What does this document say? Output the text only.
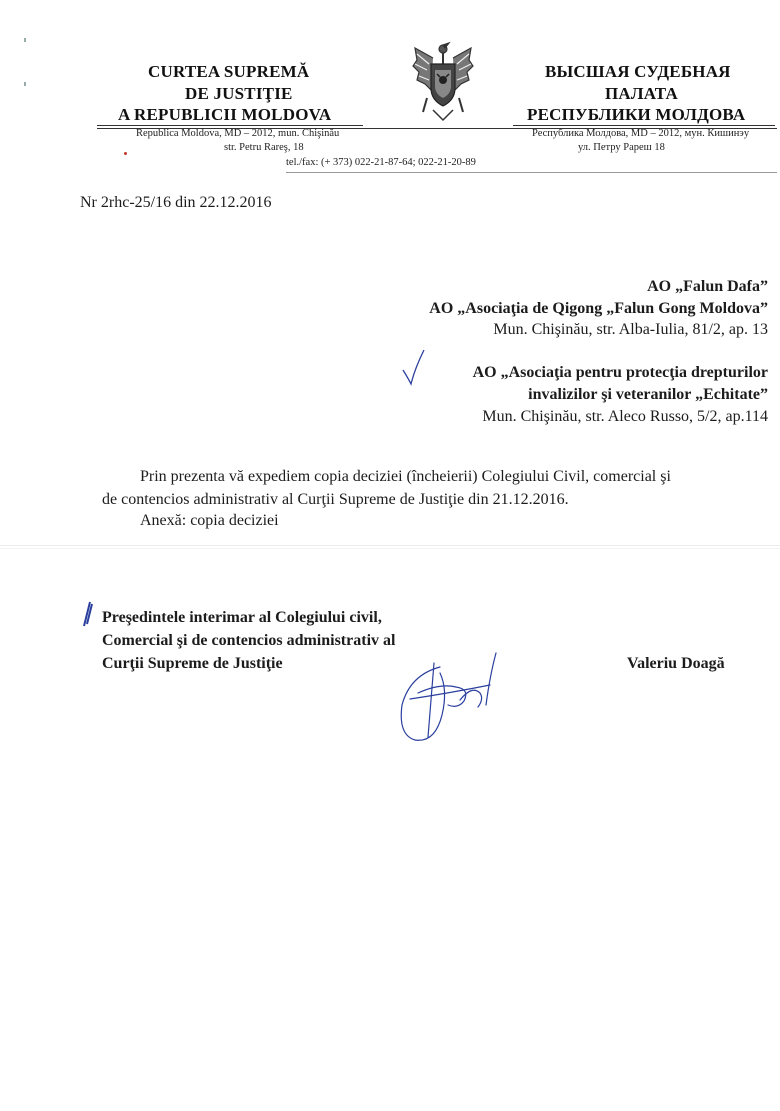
CURTEA SUPREMĂ
DE JUSTIŢIE
A REPUBLICII MOLDOVA
ВЫСШАЯ СУДЕБНАЯ
ПАЛАТА
РЕСПУБЛИКИ МОЛДОВА
Republica Moldova, MD – 2012, mun. Chişinău
str. Petru Rareş, 18
Республика Молдова, MD – 2012, мун. Кишинэу
ул. Петру Рареш 18
tel./fax: (+ 373) 022-21-87-64; 022-21-20-89
Nr 2rhc-25/16 din 22.12.2016
AO „Falun Dafa”
AO „Asociaţia de Qigong „Falun Gong Moldova”
Mun. Chişinău, str. Alba-Iulia, 81/2, ap. 13
AO „Asociaţia pentru protecţia drepturilor
invalizilor şi veteranilor „Echitate”
Mun. Chişinău, str. Aleco Russo, 5/2, ap.114
Prin prezenta vă expediem copia deciziei (încheierii) Colegiului Civil, comercial şi
de contencios administrativ al Curţii Supreme de Justiţie din 21.12.2016.
Anexă: copia deciziei
Preşedintele interimar al Colegiului civil,
Comercial şi de contencios administrativ al
Curţii Supreme de Justiţie	Valeriu Doagă
